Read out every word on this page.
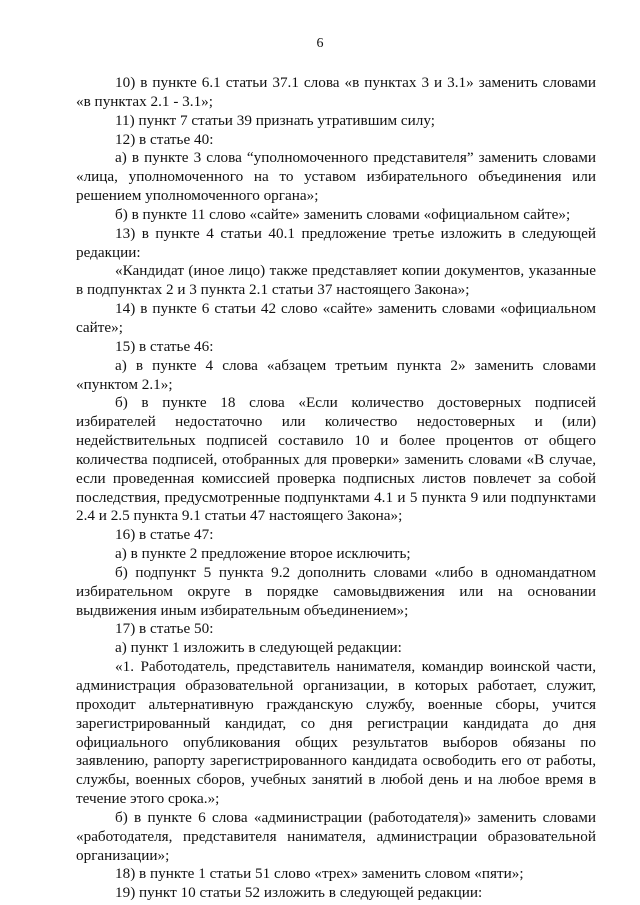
6

10) в пункте 6.1 статьи 37.1 слова «в пунктах 3 и 3.1» заменить словами «в пунктах 2.1 - 3.1»;

11) пункт 7 статьи 39 признать утратившим силу;

12) в статье 40:

а) в пункте 3 слова “уполномоченного представителя” заменить словами «лица, уполномоченного на то уставом избирательного объединения или решением уполномоченного органа»;

б) в пункте 11 слово «сайте» заменить словами «официальном сайте»;

13) в пункте 4 статьи 40.1 предложение третье изложить в следующей редакции:

«Кандидат (иное лицо) также представляет копии документов, указанные в подпунктах 2 и 3 пункта 2.1 статьи 37 настоящего Закона»;

14) в пункте 6 статьи 42 слово «сайте» заменить словами «официальном сайте»;

15) в статье 46:

а) в пункте 4 слова «абзацем третьим пункта 2» заменить словами «пунктом 2.1»;

б) в пункте 18 слова «Если количество достоверных подписей избирателей недостаточно или количество недостоверных и (или) недействительных подписей составило 10 и более процентов от общего количества подписей, отобранных для проверки» заменить словами «В случае, если проведенная комиссией проверка подписных листов повлечет за собой последствия, предусмотренные подпунктами 4.1 и 5 пункта 9 или подпунктами 2.4 и 2.5 пункта 9.1 статьи 47 настоящего Закона»;

16) в статье 47:

а) в пункте 2 предложение второе исключить;

б) подпункт 5 пункта 9.2 дополнить словами «либо в одномандатном избирательном округе в порядке самовыдвижения или на основании выдвижения иным избирательным объединением»;

17) в статье 50:

а) пункт 1 изложить в следующей редакции:

«1. Работодатель, представитель нанимателя, командир воинской части, администрация образовательной организации, в которых работает, служит, проходит альтернативную гражданскую службу, военные сборы, учится зарегистрированный кандидат, со дня регистрации кандидата до дня официального опубликования общих результатов выборов обязаны по заявлению, рапорту зарегистрированного кандидата освободить его от работы, службы, военных сборов, учебных занятий в любой день и на любое время в течение этого срока.»;

б) в пункте 6 слова «администрации (работодателя)» заменить словами «работодателя, представителя нанимателя, администрации образовательной организации»;

18) в пункте 1 статьи 51 слово «трех» заменить словом «пяти»;

19) пункт 10 статьи 52 изложить в следующей редакции:
